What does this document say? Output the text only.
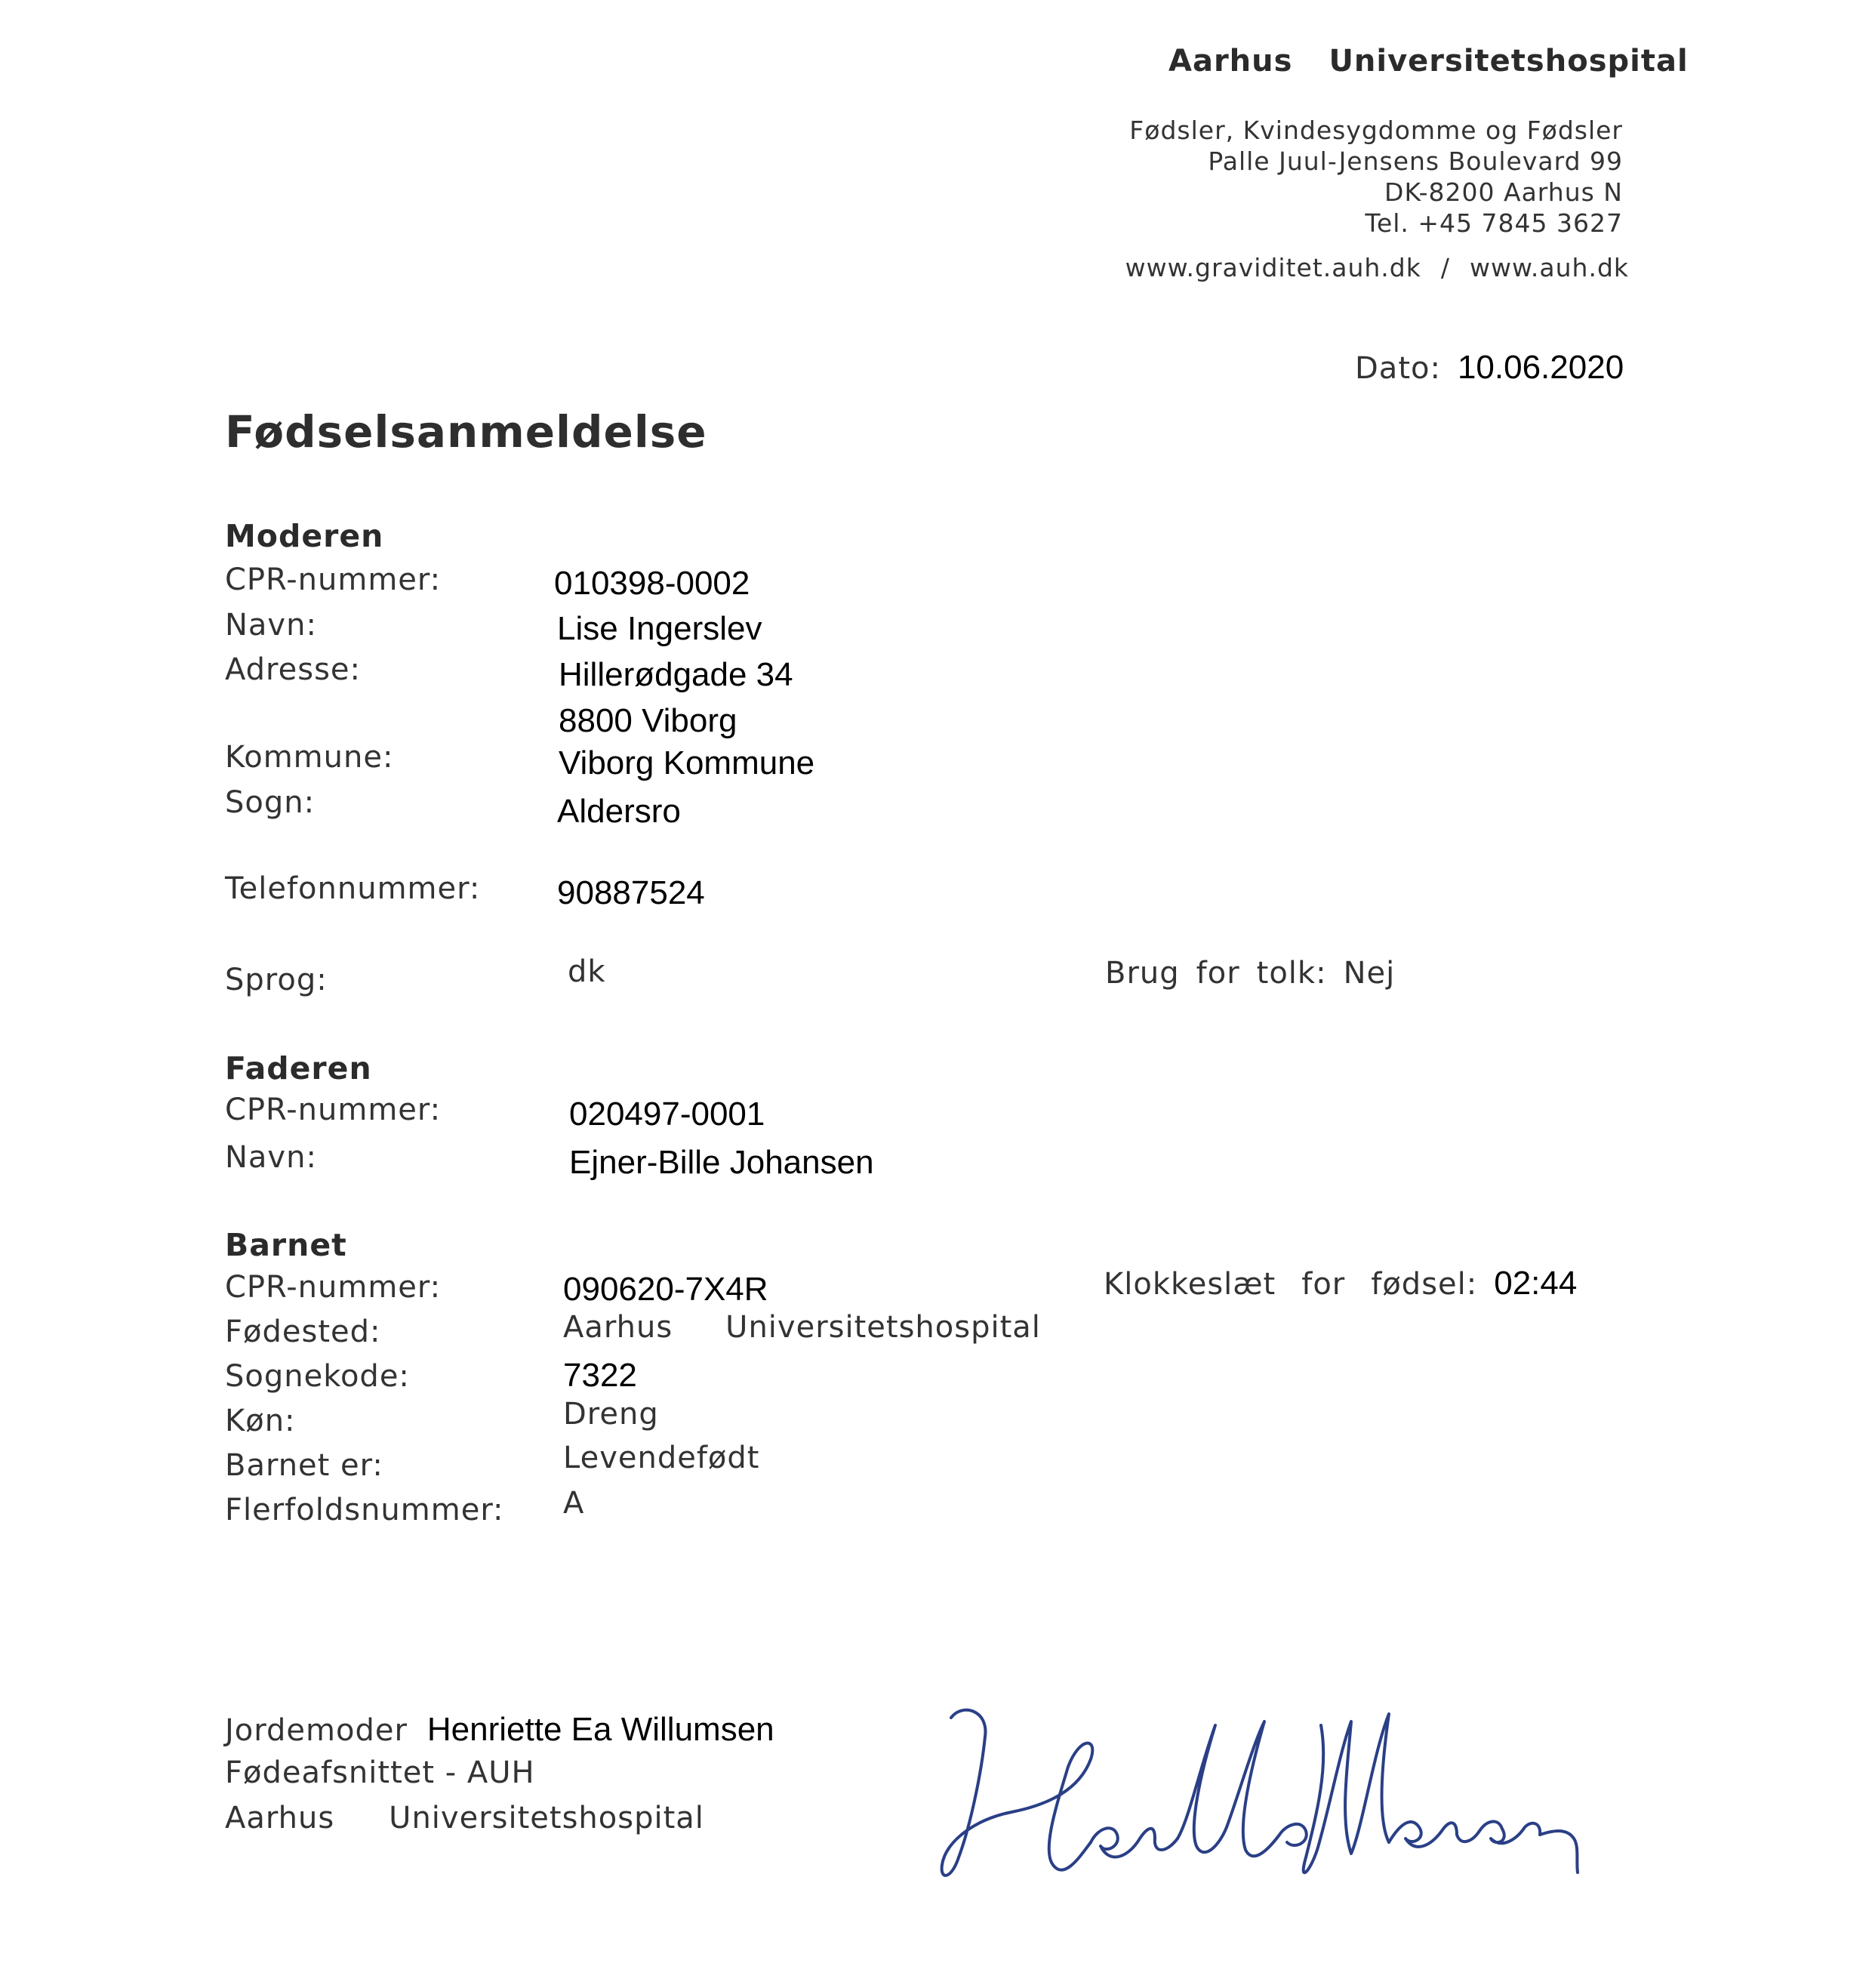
Aarhus Universitetshospital
Fødsler, Kvindesygdomme og Fødsler
Palle Juul-Jensens Boulevard 99
DK-8200 Aarhus N
Tel. +45 7845 3627
www.graviditet.auh.dk / www.auh.dk
Dato: 10.06.2020
Fødselsanmeldelse
Moderen
CPR-nummer:	010398-0002
Navn:	Lise Ingerslev
Adresse:	Hillerødgade 34
8800 Viborg
Kommune:	Viborg Kommune
Sogn:	Aldersro
Telefonnummer: 90887524
Sprog:	dk	Brug for tolk: Nej
Faderen
CPR-nummer:	020497-0001
Navn:	Ejner-Bille Johansen
Barnet
CPR-nummer:	090620-7X4R	Klokkeslæt for fødsel: 02:44
Fødested:	Aarhus Universitetshospital
Sognekode:	7322
Køn:	Dreng
Barnet er:	Levendefødt
Flerfoldsnummer: A
Jordemoder Henriette Ea Willumsen
Fødeafsnittet - AUH
Aarhus Universitetshospital
